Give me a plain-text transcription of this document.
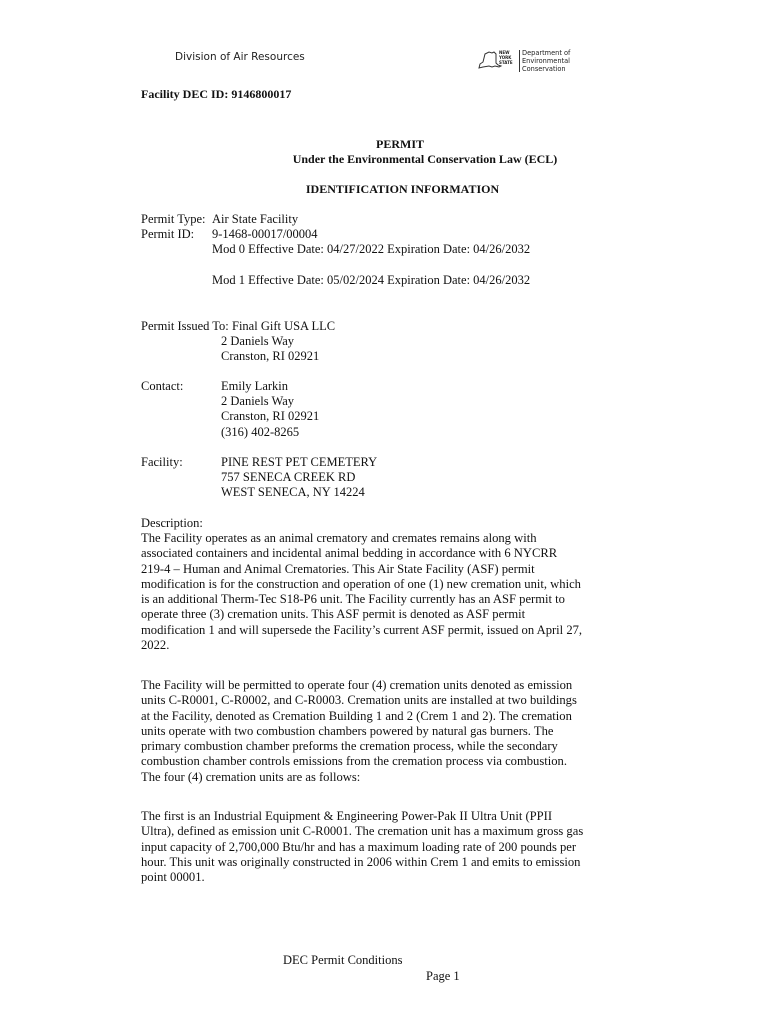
Division of Air Resources	NEW
YORK
STATE
Department of
Environmental
Conservation
Facility DEC ID: 9146800017
PERMIT
Under the Environmental Conservation Law (ECL)
IDENTIFICATION INFORMATION
Permit Type: Air State Facility
Permit ID: 9-1468-00017/00004
Mod 0 Effective Date: 04/27/2022 Expiration Date: 04/26/2032
Mod 1 Effective Date: 05/02/2024 Expiration Date: 04/26/2032
Permit Issued To: Final Gift USA LLC
2 Daniels Way
Cranston, RI 02921
Contact:	Emily Larkin
2 Daniels Way
Cranston, RI 02921
(316) 402-8265
Facility:	PINE REST PET CEMETERY
757 SENECA CREEK RD
WEST SENECA, NY 14224
Description:
The Facility operates as an animal crematory and cremates remains along with
associated containers and incidental animal bedding in accordance with 6 NYCRR
219-4 – Human and Animal Crematories. This Air State Facility (ASF) permit
modification is for the construction and operation of one (1) new cremation unit, which
is an additional Therm-Tec S18-P6 unit. The Facility currently has an ASF permit to
operate three (3) cremation units. This ASF permit is denoted as ASF permit
modification 1 and will supersede the Facility’s current ASF permit, issued on April 27,
2022.
The Facility will be permitted to operate four (4) cremation units denoted as emission
units C-R0001, C-R0002, and C-R0003. Cremation units are installed at two buildings
at the Facility, denoted as Cremation Building 1 and 2 (Crem 1 and 2). The cremation
units operate with two combustion chambers powered by natural gas burners. The
primary combustion chamber preforms the cremation process, while the secondary
combustion chamber controls emissions from the cremation process via combustion.
The four (4) cremation units are as follows:
The first is an Industrial Equipment & Engineering Power-Pak II Ultra Unit (PPII
Ultra), defined as emission unit C-R0001. The cremation unit has a maximum gross gas
input capacity of 2,700,000 Btu/hr and has a maximum loading rate of 200 pounds per
hour. This unit was originally constructed in 2006 within Crem 1 and emits to emission
point 00001.
DEC Permit Conditions
Page 1
